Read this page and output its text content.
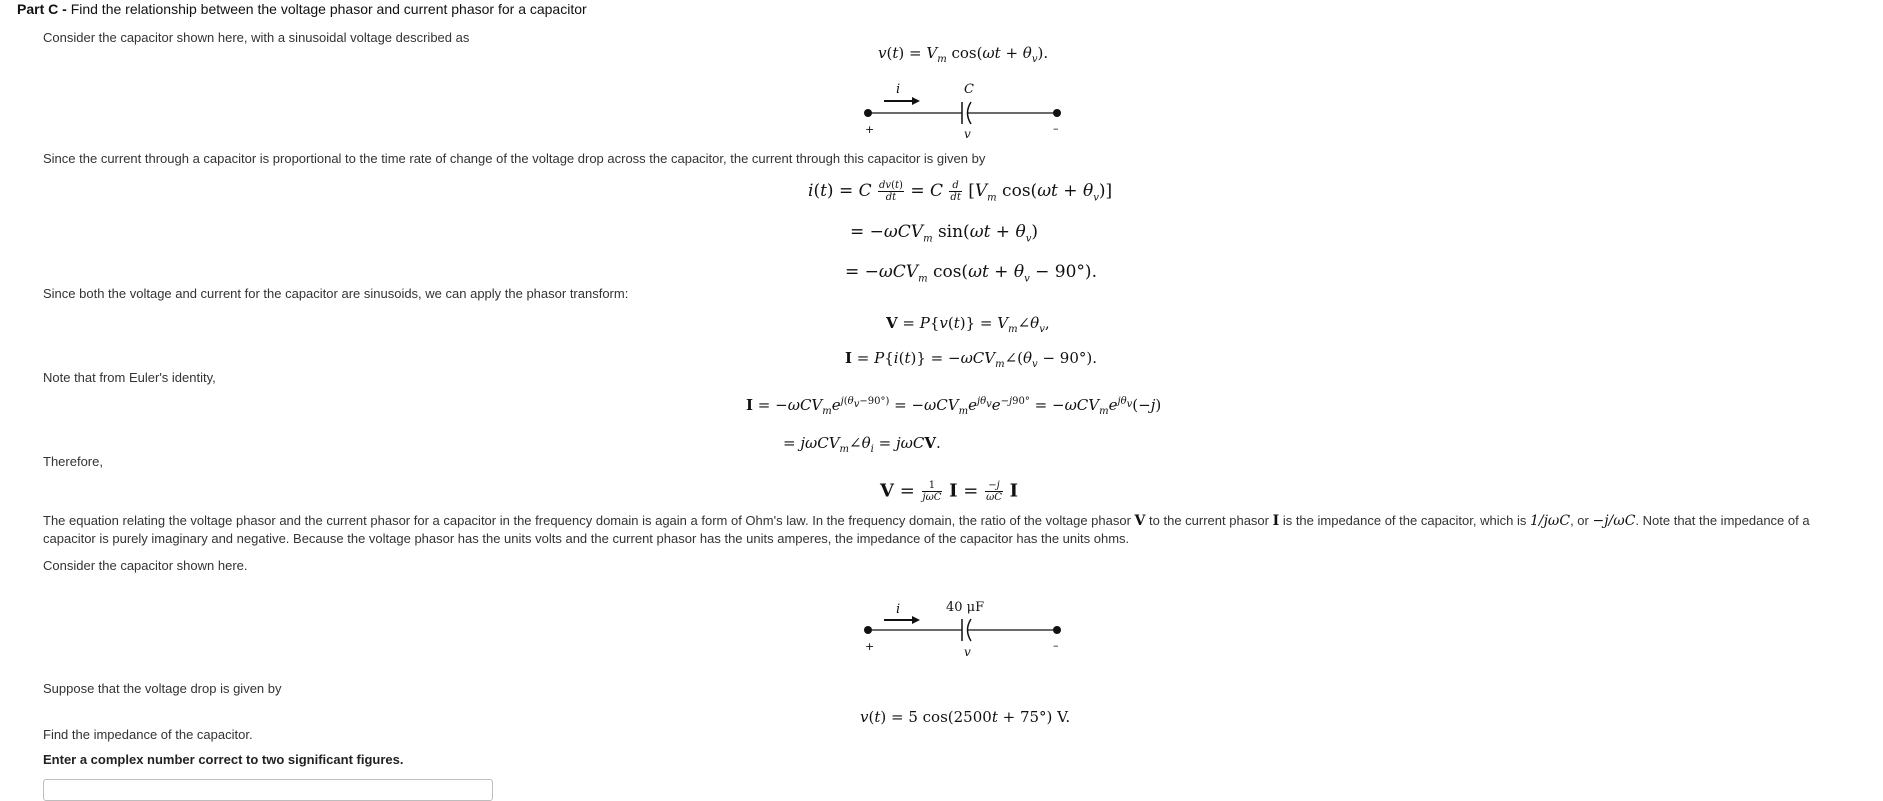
Part C - Find the relationship between the voltage phasor and current phasor for a capacitor
Consider the capacitor shown here, with a sinusoidal voltage described as
$v(t) = V_m$ $\cos(\omega t + \theta_v)$.
i	C
+	–
v
Since the current through a capacitor is proportional to the time rate of change of the voltage drop across the capacitor, the current through this capacitor is given by
i(t) = C $\frac{dv(t)}{dt} = C \frac{d}{dt} [V_m$ $\cos(\omega t + \theta_v)$]
= −ωCV$_m$ $\sin(\omega t + \theta_v)$
= −ωCV$_m$ $\cos(\omega t + \theta_v - 90^\circ)$.
Since both the voltage and current for the capacitor are sinusoids, we can apply the phasor transform:
$V = P\{v(t)\} = V_m\angle\theta_v$,
$I = P\{i(t)\} = -\omega CV_m\angle(\theta_v - 90^\circ)$.
Note that from Euler's identity,
$I = -\omega CV_me^{j(\theta_v-90^\circ)} = -\omega CV_me^{j\theta_v}e^{-j90^\circ} = -\omega CV_me^{j\theta_v}(-j)$
= $j\omega CV_m\angle\theta_i = j\omega CV$.
Therefore,
$V = \frac{1}{\text{jωC}}$ $I = \frac{-j}{\omega C}$ I
The equation relating the voltage phasor and the current phasor for a capacitor in the frequency domain is again a form of Ohm's law. In the frequency domain, the ratio of the voltage phasor V to the current phasor I is the impedance of the capacitor, which is 1/jωC, or −j/ωC. Note that the impedance of a capacitor is purely imaginary and negative. Because the voltage phasor has the units volts and the current phasor has the units amperes, the impedance of the capacitor has the units ohms.
Consider the capacitor shown here.
i	40 μF
+	–
v
Suppose that the voltage drop is given by
v(t) = 5 cos(2500t + 75°) V.
Find the impedance of the capacitor.
Enter a complex number correct to two significant figures.
